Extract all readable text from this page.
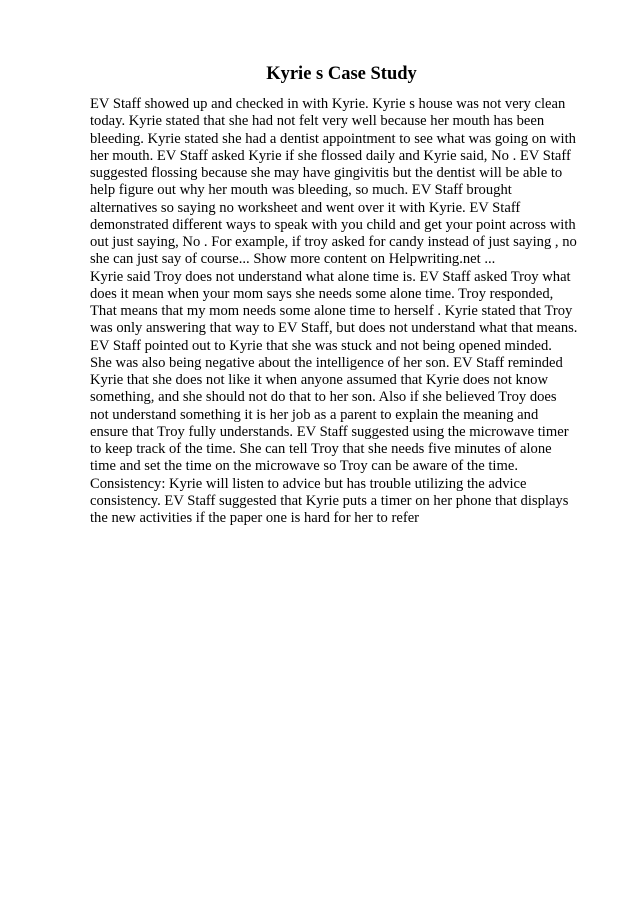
Kyrie s Case Study
EV Staff showed up and checked in with Kyrie. Kyrie s house was not very clean
today. Kyrie stated that she had not felt very well because her mouth has been
bleeding. Kyrie stated she had a dentist appointment to see what was going on with
her mouth. EV Staff asked Kyrie if she flossed daily and Kyrie said, No . EV Staff
suggested flossing because she may have gingivitis but the dentist will be able to
help figure out why her mouth was bleeding, so much. EV Staff brought
alternatives so saying no worksheet and went over it with Kyrie. EV Staff
demonstrated different ways to speak with you child and get your point across with
out just saying, No . For example, if troy asked for candy instead of just saying , no
she can just say of course... Show more content on Helpwriting.net ...
Kyrie said Troy does not understand what alone time is. EV Staff asked Troy what
does it mean when your mom says she needs some alone time. Troy responded,
That means that my mom needs some alone time to herself . Kyrie stated that Troy
was only answering that way to EV Staff, but does not understand what that means.
EV Staff pointed out to Kyrie that she was stuck and not being opened minded.
She was also being negative about the intelligence of her son. EV Staff reminded
Kyrie that she does not like it when anyone assumed that Kyrie does not know
something, and she should not do that to her son. Also if she believed Troy does
not understand something it is her job as a parent to explain the meaning and
ensure that Troy fully understands. EV Staff suggested using the microwave timer
to keep track of the time. She can tell Troy that she needs five minutes of alone
time and set the time on the microwave so Troy can be aware of the time.
Consistency: Kyrie will listen to advice but has trouble utilizing the advice
consistency. EV Staff suggested that Kyrie puts a timer on her phone that displays
the new activities if the paper one is hard for her to refer
